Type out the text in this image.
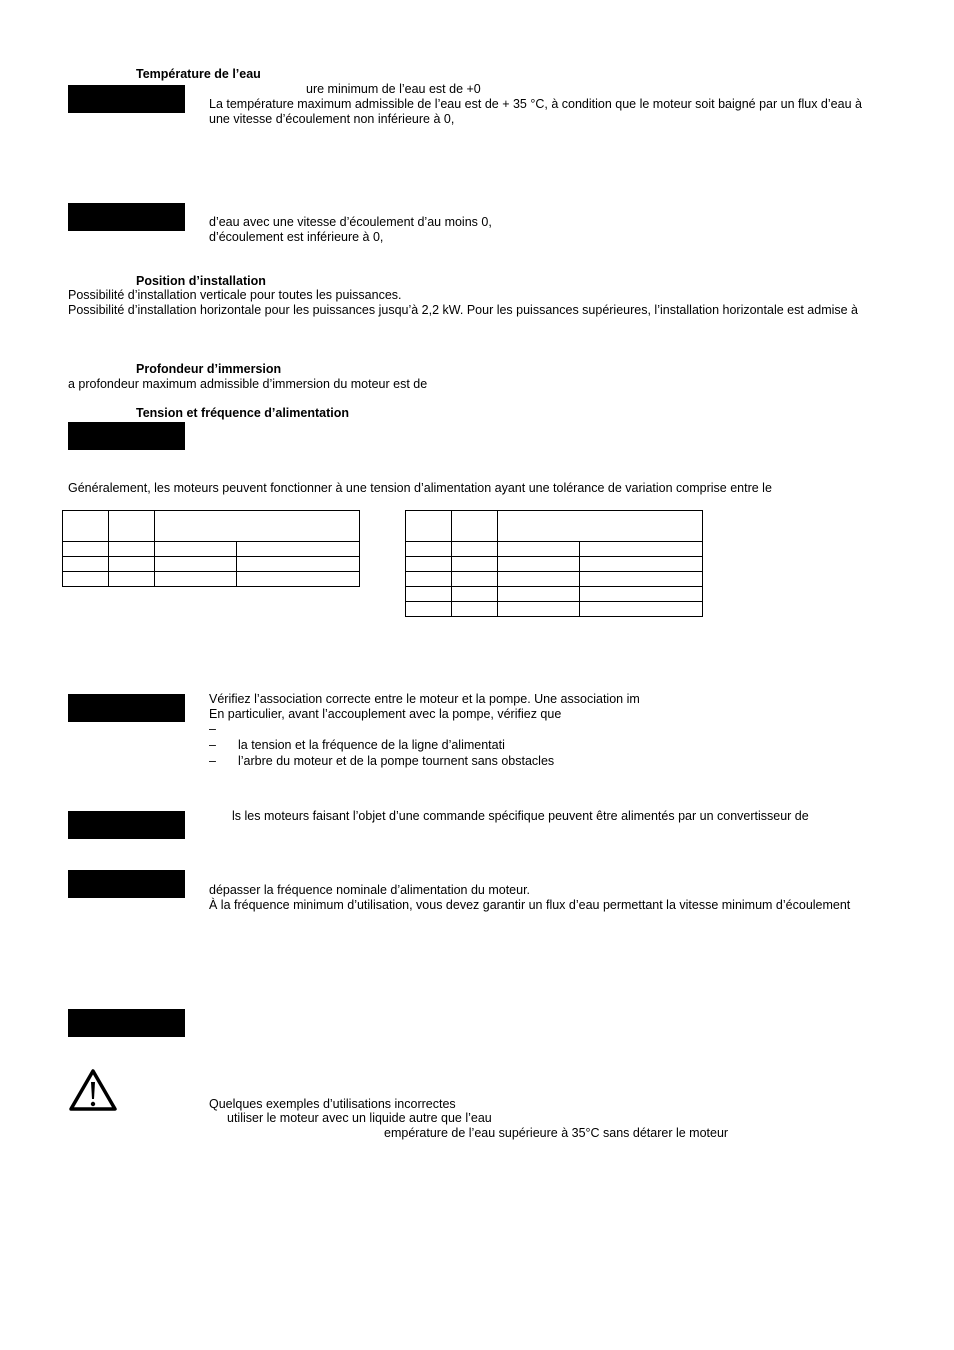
Température de l’eau
ure minimum de l’eau est de +0
La température maximum admissible de l’eau est de + 35 °C, à condition que le moteur soit baigné par un flux d’eau à
une vitesse d’écoulement non inférieure à 0,
d’eau avec une vitesse d’écoulement d’au moins 0,
d’écoulement est inférieure à 0,
Position d’installation
Possibilité d’installation verticale pour toutes les puissances.
Possibilité d’installation horizontale pour les puissances jusqu’à 2,2 kW. Pour les puissances supérieures, l’installation horizontale est admise à
Profondeur d’immersion
a profondeur maximum admissible d’immersion du moteur est de
Tension et fréquence d’alimentation
Généralement, les moteurs peuvent fonctionner à une tension d’alimentation ayant une tolérance de variation comprise entre le

Vérifiez l’association correcte entre le moteur et la pompe. Une association im
En particulier, avant l’accouplement avec la pompe, vérifiez que
–
– la tension et la fréquence de la ligne d’alimentati
– l’arbre du moteur et de la pompe tournent sans obstacles
ls les moteurs faisant l’objet d’une commande spécifique peuvent être alimentés par un convertisseur de
dépasser la fréquence nominale d’alimentation du moteur.
À la fréquence minimum d’utilisation, vous devez garantir un flux d’eau permettant la vitesse minimum d’écoulement
Quelques exemples d’utilisations incorrectes
utiliser le moteur avec un liquide autre que l’eau
empérature de l’eau supérieure à 35°C sans détarer le moteur
